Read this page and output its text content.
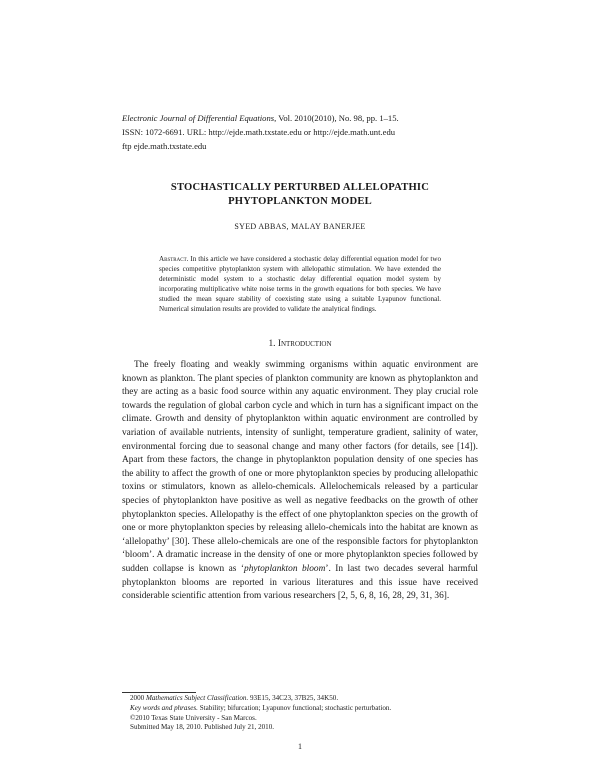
Electronic Journal of Differential Equations, Vol. 2010(2010), No. 98, pp. 1–15.
ISSN: 1072-6691. URL: http://ejde.math.txstate.edu or http://ejde.math.unt.edu
ftp ejde.math.txstate.edu
STOCHASTICALLY PERTURBED ALLELOPATHIC
PHYTOPLANKTON MODEL
SYED ABBAS, MALAY BANERJEE
Abstract. In this article we have considered a stochastic delay differential equation model for two species competitive phytoplankton system with allelopathic stimulation. We have extended the deterministic model system to a stochastic delay differential equation model system by incorporating multiplicative white noise terms in the growth equations for both species. We have studied the mean square stability of coexisting state using a suitable Lyapunov functional. Numerical simulation results are provided to validate the analytical findings.
1. Introduction

The freely floating and weakly swimming organisms within aquatic environment are known as plankton. The plant species of plankton community are known as phytoplankton and they are acting as a basic food source within any aquatic environment. They play crucial role towards the regulation of global carbon cycle and which in turn has a significant impact on the climate. Growth and density of phytoplankton within aquatic environment are controlled by variation of available nutrients, intensity of sunlight, temperature gradient, salinity of water, environmental forcing due to seasonal change and many other factors (for details, see [14]). Apart from these factors, the change in phytoplankton population density of one species has the ability to affect the growth of one or more phytoplankton species by producing allelopathic toxins or stimulators, known as allelo-chemicals. Allelochemicals released by a particular species of phytoplankton have positive as well as negative feedbacks on the growth of other phytoplankton species. Allelopathy is the effect of one phytoplankton species on the growth of one or more phytoplankton species by releasing allelo-chemicals into the habitat are known as ‘allelopathy’ [30]. These allelo-chemicals are one of the responsible factors for phytoplankton ‘bloom’. A dramatic increase in the density of one or more phytoplankton species followed by sudden collapse is known as ‘phytoplankton bloom’. In last two decades several harmful phytoplankton blooms are reported in various literatures and this issue have received considerable scientific attention from various researchers [2, 5, 6, 8, 16, 28, 29, 31, 36].

2000 Mathematics Subject Classification. 93E15, 34C23, 37B25, 34K50.
Key words and phrases. Stability; bifurcation; Lyapunov functional; stochastic perturbation.
©2010 Texas State University - San Marcos.
Submitted May 18, 2010. Published July 21, 2010.
1
